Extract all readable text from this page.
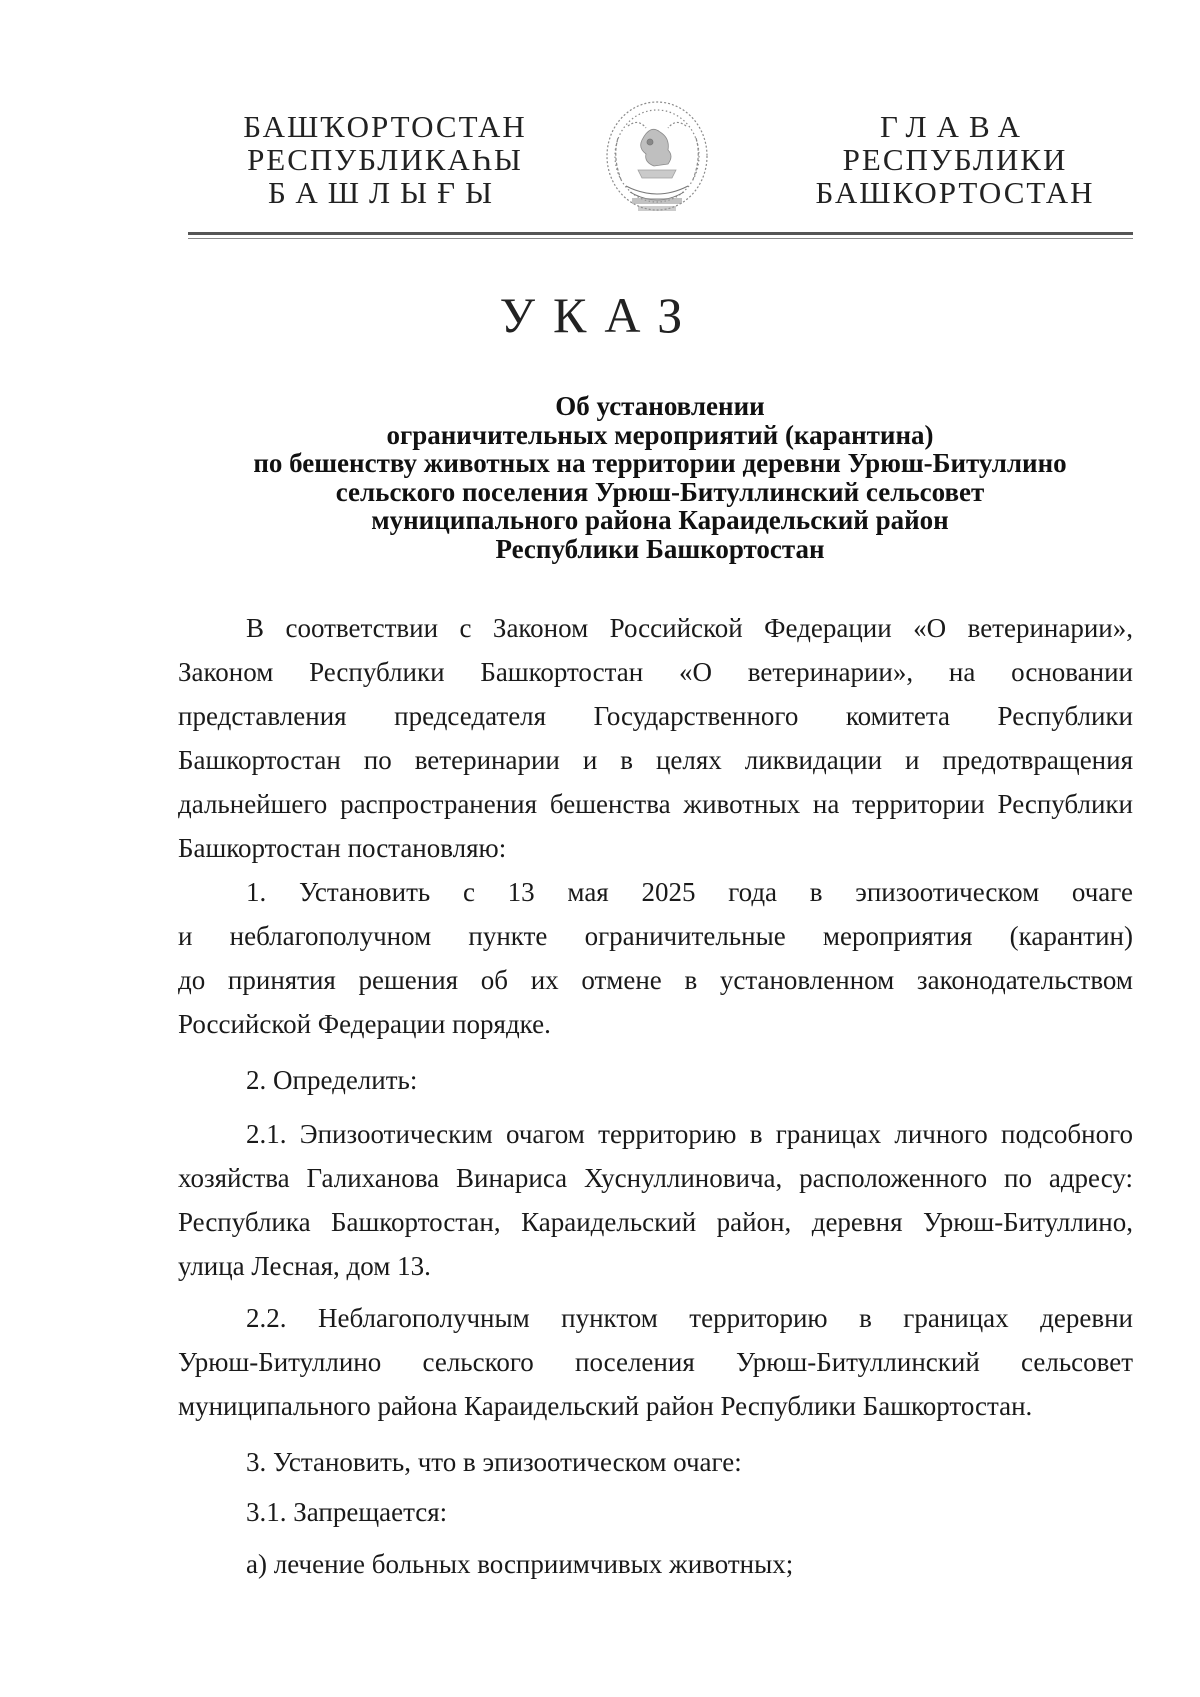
БАШҠОРТОСТАН
РЕСПУБЛИКАҺЫ
БАШЛЫҒЫ
ГЛАВА
РЕСПУБЛИКИ
БАШКОРТОСТАН
УКАЗ
Об установлении
ограничительных мероприятий (карантина)
по бешенству животных на территории деревни Урюш-Битуллино
сельского поселения Урюш-Битуллинский сельсовет
муниципального района Караидельский район
Республики Башкортостан
В соответствии с Законом Российской Федерации «О ветеринарии»,
Законом Республики Башкортостан «О ветеринарии», на основании
представления председателя Государственного комитета Республики
Башкортостан по ветеринарии и в целях ликвидации и предотвращения
дальнейшего распространения бешенства животных на территории Республики
Башкортостан постановляю:
1. Установить с 13 мая 2025 года в эпизоотическом очаге
и неблагополучном пункте ограничительные мероприятия (карантин)
до принятия решения об их отмене в установленном законодательством
Российской Федерации порядке.
2. Определить:
2.1. Эпизоотическим очагом территорию в границах личного подсобного
хозяйства Галиханова Винариса Хуснуллиновича, расположенного по адресу:
Республика Башкортостан, Караидельский район, деревня Урюш-Битуллино,
улица Лесная, дом 13.
2.2. Неблагополучным пунктом территорию в границах деревни
Урюш-Битуллино сельского поселения Урюш-Битуллинский сельсовет
муниципального района Караидельский район Республики Башкортостан.
3. Установить, что в эпизоотическом очаге:
3.1. Запрещается:
а) лечение больных восприимчивых животных;
